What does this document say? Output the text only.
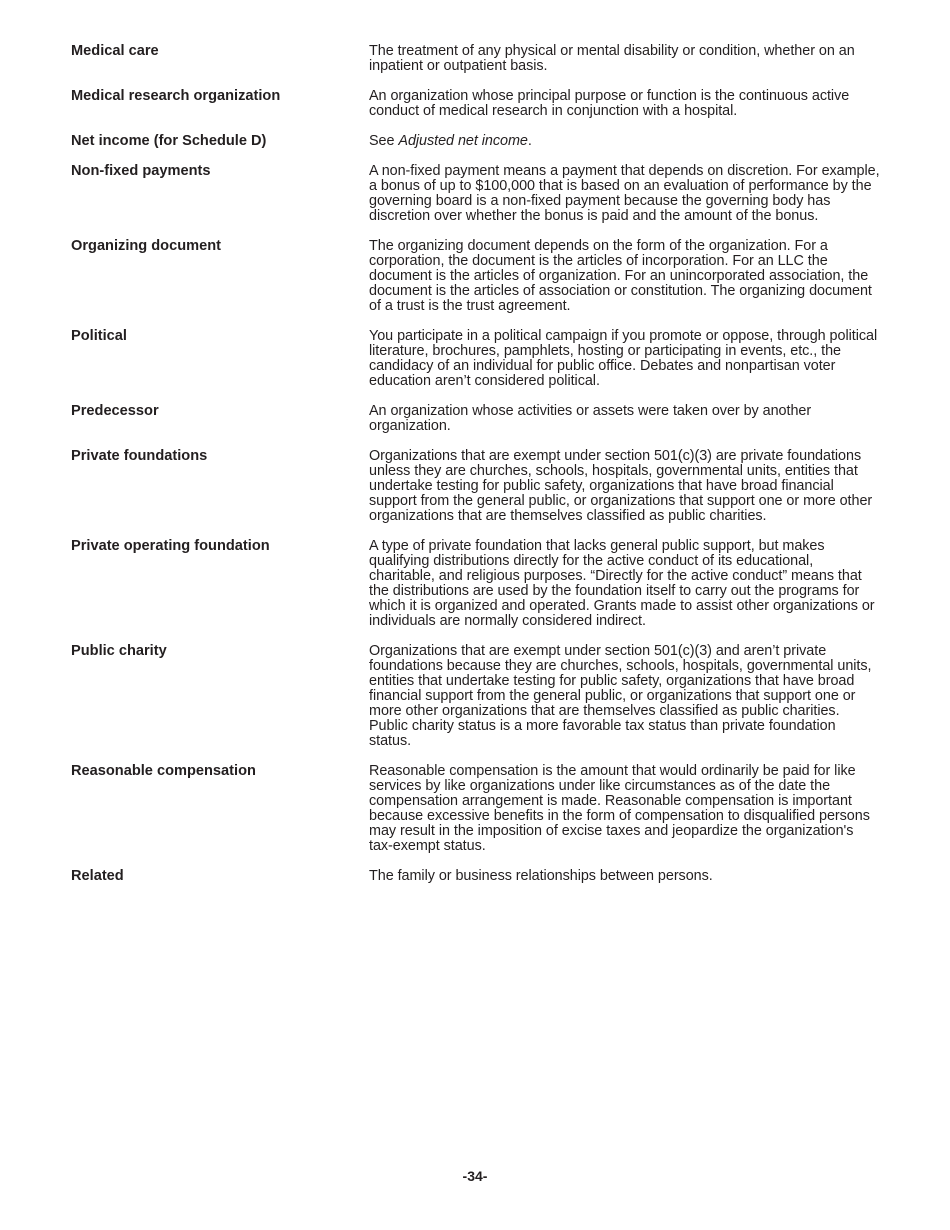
Medical care	The treatment of any physical or mental disability or condition, whether on an inpatient or outpatient basis.
Medical research organization	An organization whose principal purpose or function is the continuous active conduct of medical research in conjunction with a hospital.
Net income (for Schedule D)	See Adjusted net income.
Non-fixed payments	A non-fixed payment means a payment that depends on discretion. For example, a bonus of up to $100,000 that is based on an evaluation of performance by the governing board is a non-fixed payment because the governing body has discretion over whether the bonus is paid and the amount of the bonus.
Organizing document	The organizing document depends on the form of the organization. For a corporation, the document is the articles of incorporation. For an LLC the document is the articles of organization. For an unincorporated association, the document is the articles of association or constitution. The organizing document of a trust is the trust agreement.
Political	You participate in a political campaign if you promote or oppose, through political literature, brochures, pamphlets, hosting or participating in events, etc., the candidacy of an individual for public office. Debates and nonpartisan voter education aren’t considered political.
Predecessor	An organization whose activities or assets were taken over by another organization.
Private foundations	Organizations that are exempt under section 501(c)(3) are private foundations unless they are churches, schools, hospitals, governmental units, entities that undertake testing for public safety, organizations that have broad financial support from the general public, or organizations that support one or more other organizations that are themselves classified as public charities.
Private operating foundation	A type of private foundation that lacks general public support, but makes qualifying distributions directly for the active conduct of its educational, charitable, and religious purposes. “Directly for the active conduct” means that the distributions are used by the foundation itself to carry out the programs for which it is organized and operated. Grants made to assist other organizations or individuals are normally considered indirect.
Public charity	Organizations that are exempt under section 501(c)(3) and aren’t private foundations because they are churches, schools, hospitals, governmental units, entities that undertake testing for public safety, organizations that have broad financial support from the general public, or organizations that support one or more other organizations that are themselves classified as public charities. Public charity status is a more favorable tax status than private foundation status.
Reasonable compensation	Reasonable compensation is the amount that would ordinarily be paid for like services by like organizations under like circumstances as of the date the compensation arrangement is made. Reasonable compensation is important because excessive benefits in the form of compensation to disqualified persons may result in the imposition of excise taxes and jeopardize the organization's tax-exempt status.
Related	The family or business relationships between persons.
-34-
